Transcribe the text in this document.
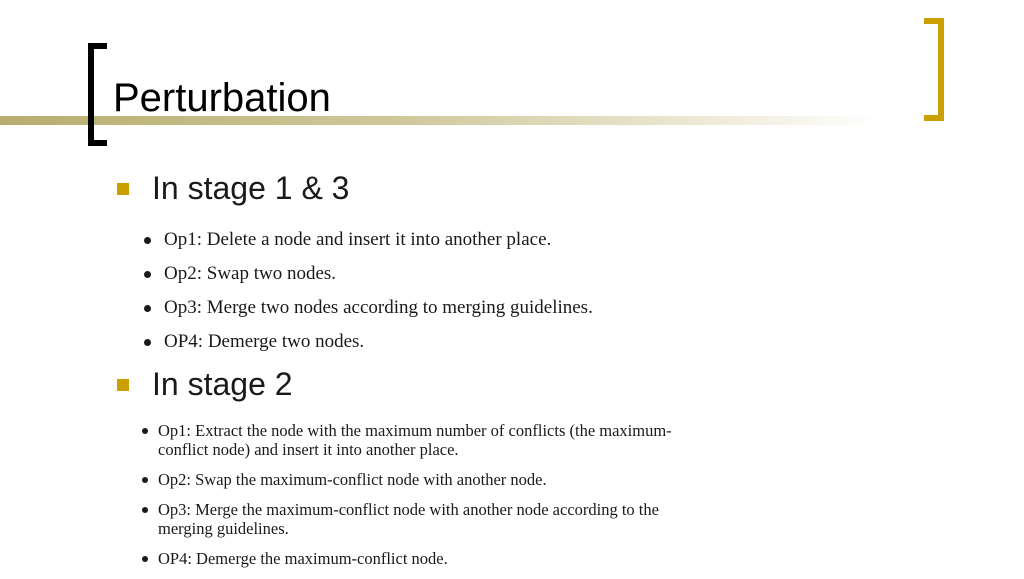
Perturbation
In stage 1 & 3
Op1: Delete a node and insert it into another place.
Op2: Swap two nodes.
Op3: Merge two nodes according to merging guidelines.
OP4: Demerge two nodes.
In stage 2
Op1: Extract the node with the maximum number of conflicts (the maximum-conflict node) and insert it into another place.
Op2: Swap the maximum-conflict node with another node.
Op3: Merge the maximum-conflict node with another node according to the merging guidelines.
OP4: Demerge the maximum-conflict node.
